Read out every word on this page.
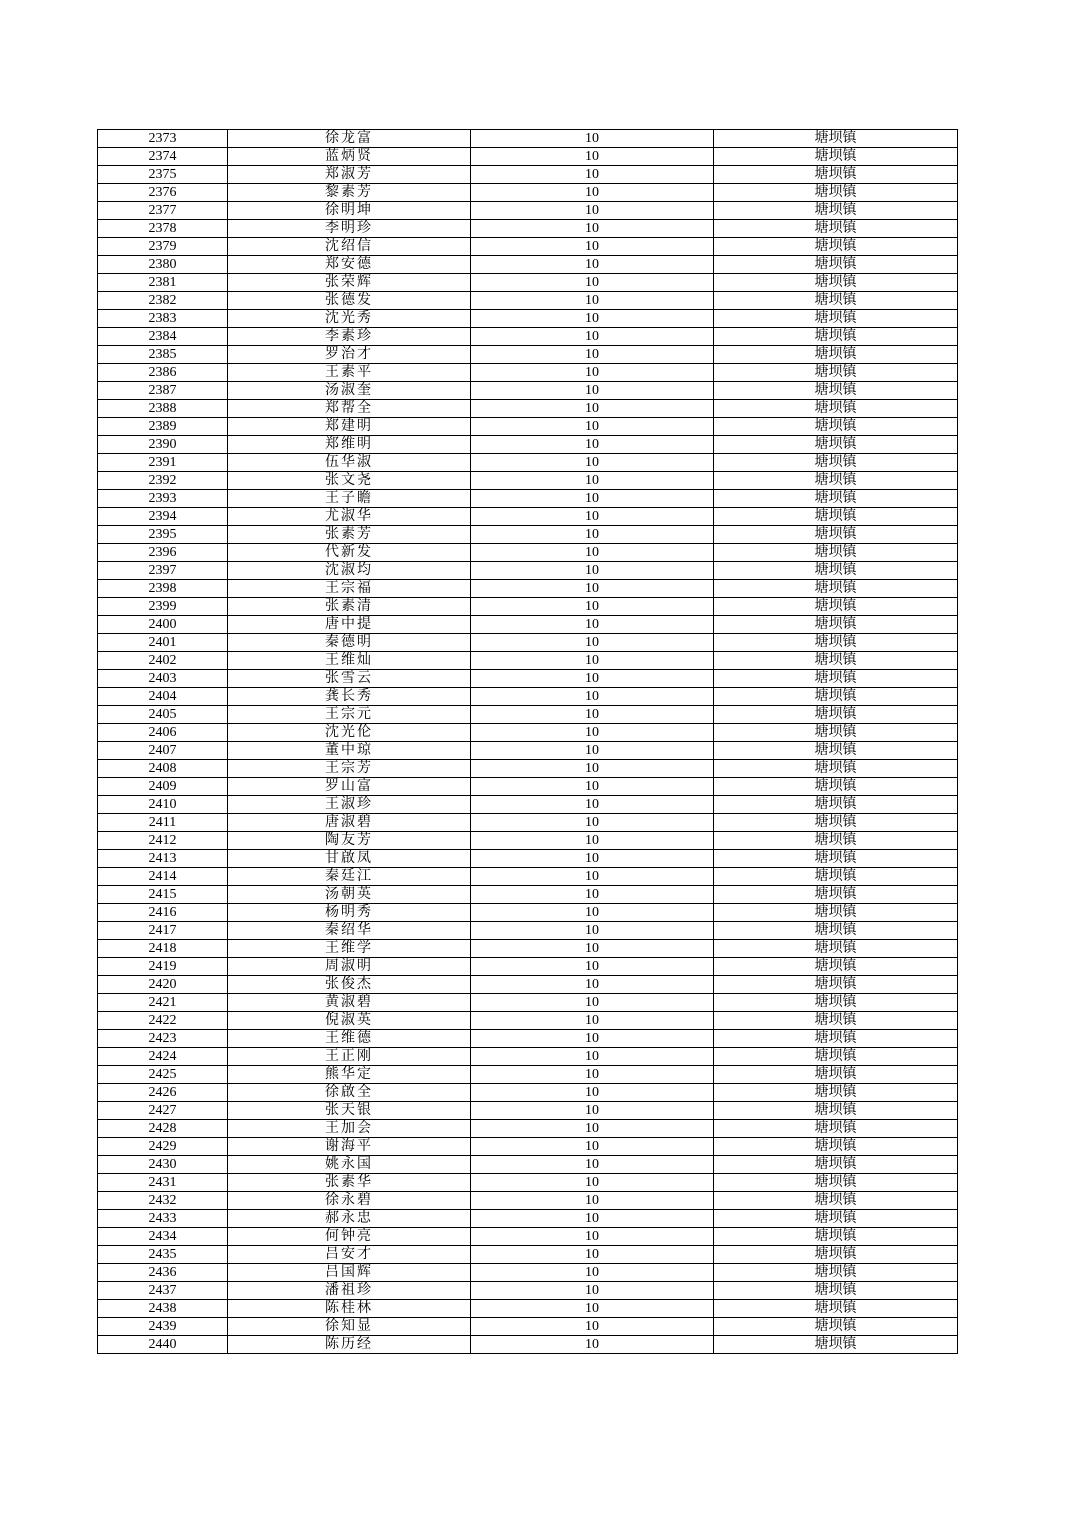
2373	徐龙富	10	塘坝镇
2374	蓝炳贤	10	塘坝镇
2375	郑淑芳	10	塘坝镇
2376	黎素芳	10	塘坝镇
2377	徐明坤	10	塘坝镇
2378	李明珍	10	塘坝镇
2379	沈绍信	10	塘坝镇
2380	郑安德	10	塘坝镇
2381	张荣辉	10	塘坝镇
2382	张德发	10	塘坝镇
2383	沈光秀	10	塘坝镇
2384	李素珍	10	塘坝镇
2385	罗治才	10	塘坝镇
2386	王素平	10	塘坝镇
2387	汤淑奎	10	塘坝镇
2388	郑帮全	10	塘坝镇
2389	郑建明	10	塘坝镇
2390	郑维明	10	塘坝镇
2391	伍华淑	10	塘坝镇
2392	张文尧	10	塘坝镇
2393	王子瞻	10	塘坝镇
2394	尤淑华	10	塘坝镇
2395	张素芳	10	塘坝镇
2396	代新发	10	塘坝镇
2397	沈淑均	10	塘坝镇
2398	王宗福	10	塘坝镇
2399	张素清	10	塘坝镇
2400	唐中提	10	塘坝镇
2401	秦德明	10	塘坝镇
2402	王维灿	10	塘坝镇
2403	张雪云	10	塘坝镇
2404	龚长秀	10	塘坝镇
2405	王宗元	10	塘坝镇
2406	沈光伦	10	塘坝镇
2407	董中琼	10	塘坝镇
2408	王宗芳	10	塘坝镇
2409	罗山富	10	塘坝镇
2410	王淑珍	10	塘坝镇
2411	唐淑碧	10	塘坝镇
2412	陶友芳	10	塘坝镇
2413	甘啟凤	10	塘坝镇
2414	秦廷江	10	塘坝镇
2415	汤朝英	10	塘坝镇
2416	杨明秀	10	塘坝镇
2417	秦绍华	10	塘坝镇
2418	王维学	10	塘坝镇
2419	周淑明	10	塘坝镇
2420	张俊杰	10	塘坝镇
2421	黄淑碧	10	塘坝镇
2422	倪淑英	10	塘坝镇
2423	王维德	10	塘坝镇
2424	王正刚	10	塘坝镇
2425	熊华定	10	塘坝镇
2426	徐啟全	10	塘坝镇
2427	张天银	10	塘坝镇
2428	王加会	10	塘坝镇
2429	谢海平	10	塘坝镇
2430	姚永国	10	塘坝镇
2431	张素华	10	塘坝镇
2432	徐永碧	10	塘坝镇
2433	郝永忠	10	塘坝镇
2434	何钟亮	10	塘坝镇
2435	吕安才	10	塘坝镇
2436	吕国辉	10	塘坝镇
2437	潘祖珍	10	塘坝镇
2438	陈桂林	10	塘坝镇
2439	徐知显	10	塘坝镇
2440	陈历经	10	塘坝镇
